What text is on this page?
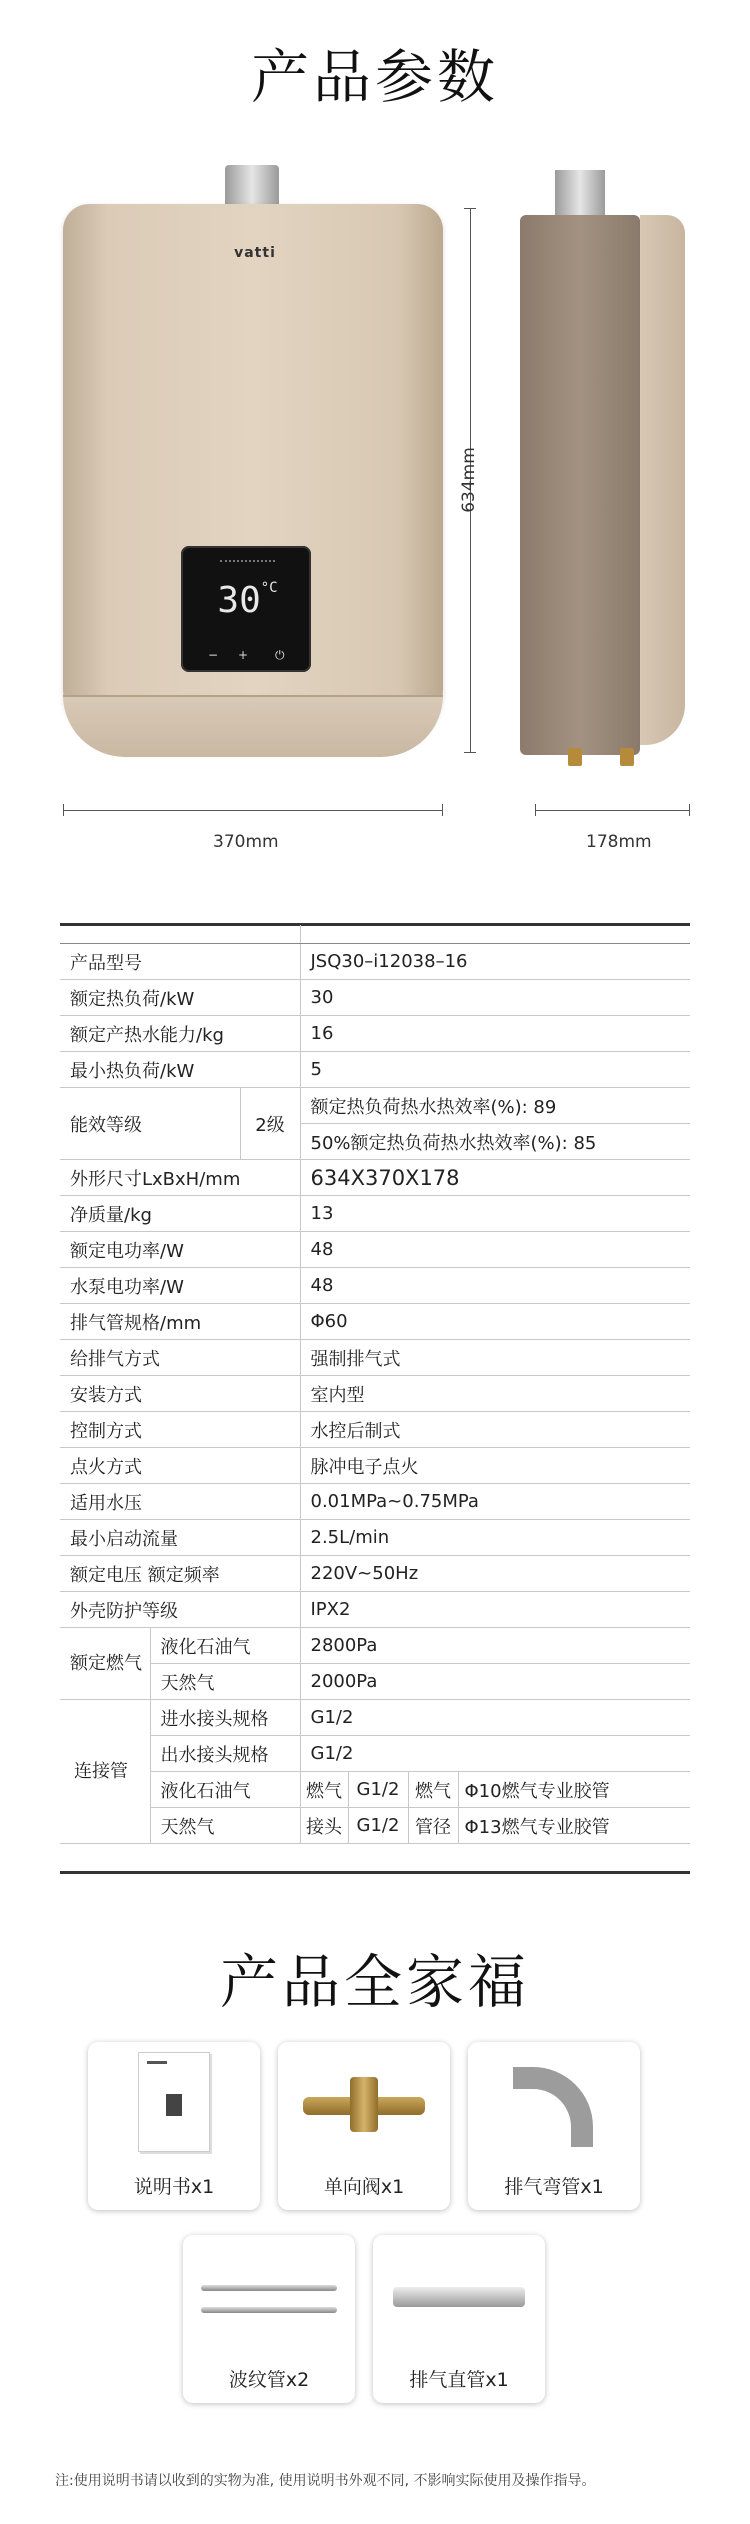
产品参数
vatti
$30^{^\circ C}$
− + ⏻
370mm
634mm
178mm

产品型号			JSQ30–i12038–16			
额定热负荷/kW			30			
额定产热水能力/kg			16			
最小热负荷/kW			5			
能效等级		2级	额定热负荷热水热效率(%): 89			
			50%额定热负荷热水热效率(%): 85			
外形尺寸LxBxH/mm			634X370X178			
净质量/kg			13			
额定电功率/W			48			
水泵电功率/W			48			
排气管规格/mm			Φ60			
给排气方式			强制排气式			
安装方式			室内型			
控制方式			水控后制式			
点火方式			脉冲电子点火			
适用水压			0.01MPa~0.75MPa			
最小启动流量			2.5L/min			
额定电压 额定频率			220V~50Hz			
外壳防护等级			IPX2			
额定燃气	液化石油气		2800Pa			
	天然气		2000Pa			
连接管	进水接头规格		G1/2			
	出水接头规格		G1/2			
	液化石油气		燃气	G1/2	燃气	Φ10燃气专业胶管
	天然气		接头	G1/2	管径	Φ13燃气专业胶管
产品全家福
说明书x1	单向阀x1	排气弯管x1
波纹管x2	排气直管x1
注:使用说明书请以收到的实物为准, 使用说明书外观不同, 不影响实际使用及操作指导。
